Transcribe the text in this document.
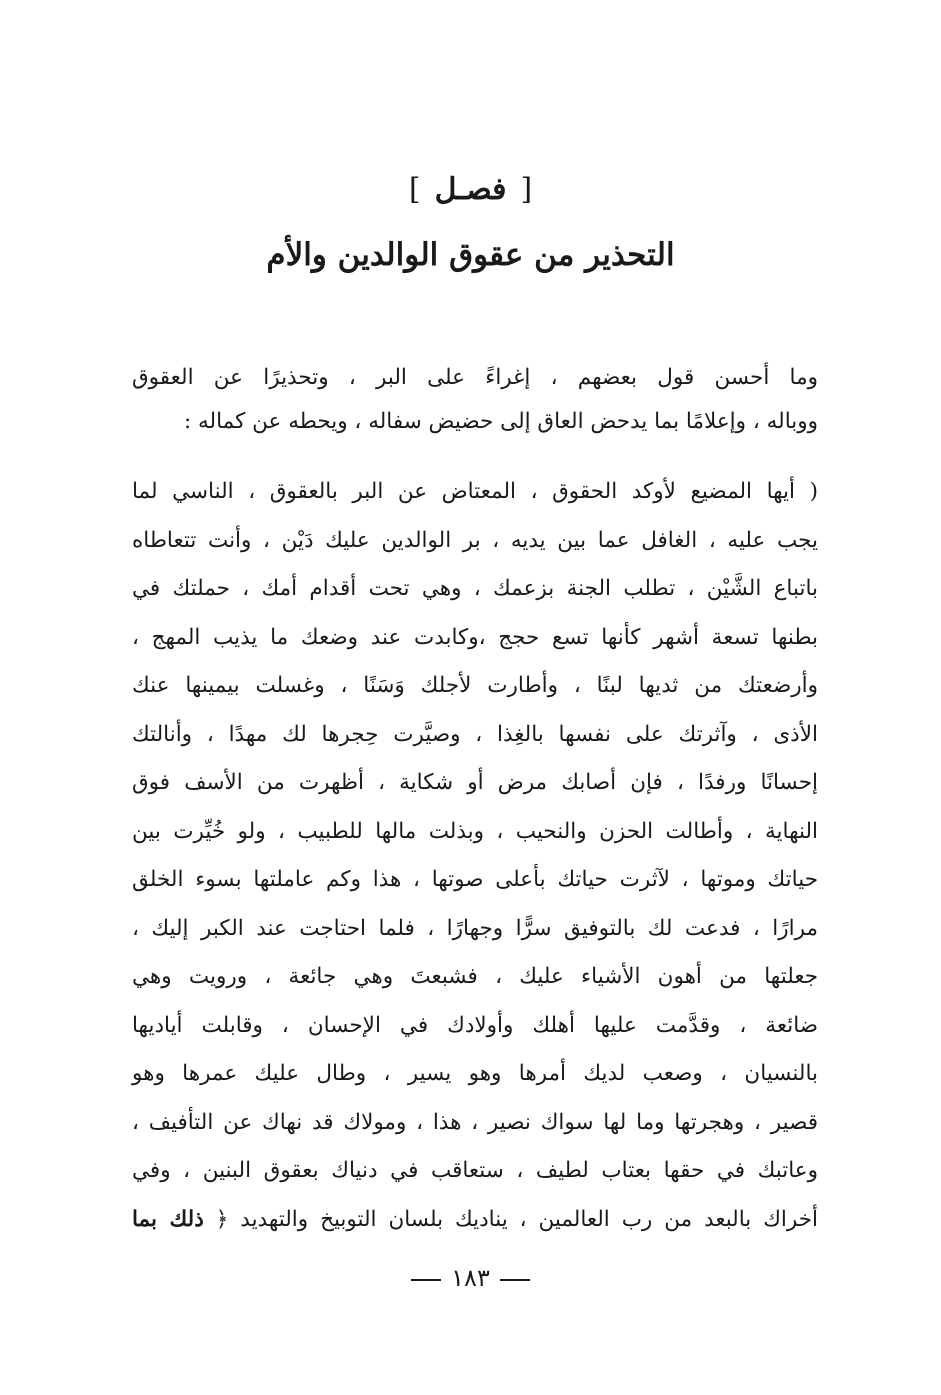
[فصـل]
التحذير من عقوق الوالدين والأم
وما أحسن قول بعضهم ، إغراءً على البر ، وتحذيرًا عن العقوق
ووباله ، وإعلامًا بما يدحض العاق إلى حضيض سفاله ، ويحطه عن كماله :
( أيها المضيع لأوكد الحقوق ، المعتاض عن البر بالعقوق ، الناسي لما
يجب عليه ، الغافل عما بين يديه ، بر الوالدين عليك دَيْن ، وأنت تتعاطاه
باتباع الشَّيْن ، تطلب الجنة بزعمك ، وهي تحت أقدام أمك ، حملتك في
بطنها تسعة أشهر كأنها تسع حجج ،وكابدت عند وضعك ما يذيب المهج ،
وأرضعتك من ثديها لبنًا ، وأطارت لأجلك وَسَنًا ، وغسلت بيمينها عنك
الأذى ، وآثرتك على نفسها بالغِذا ، وصيَّرت حِجرها لك مهدًا ، وأنالتك
إحسانًا ورفدًا ، فإن أصابك مرض أو شكاية ، أظهرت من الأسف فوق
النهاية ، وأطالت الحزن والنحيب ، وبذلت مالها للطبيب ، ولو خُيِّرت بين
حياتك وموتها ، لآثرت حياتك بأعلى صوتها ، هذا وكم عاملتها بسوء الخلق
مرارًا ، فدعت لك بالتوفيق سرًّا وجهارًا ، فلما احتاجت عند الكبر إليك ،
جعلتها من أهون الأشياء عليك ، فشبعتَ وهي جائعة ، ورويت وهي
ضائعة ، وقدَّمت عليها أهلك وأولادك في الإحسان ، وقابلت أياديها
بالنسيان ، وصعب لديك أمرها وهو يسير ، وطال عليك عمرها وهو
قصير ، وهجرتها وما لها سواك نصير ، هذا ، ومولاك قد نهاك عن التأفيف ،
وعاتبك في حقها بعتاب لطيف ، ستعاقب في دنياك بعقوق البنين ، وفي
أخراك بالبعد من رب العالمين ، يناديك بلسان التوبيخ والتهديد ﴿ ذلك بما
١٨٣
